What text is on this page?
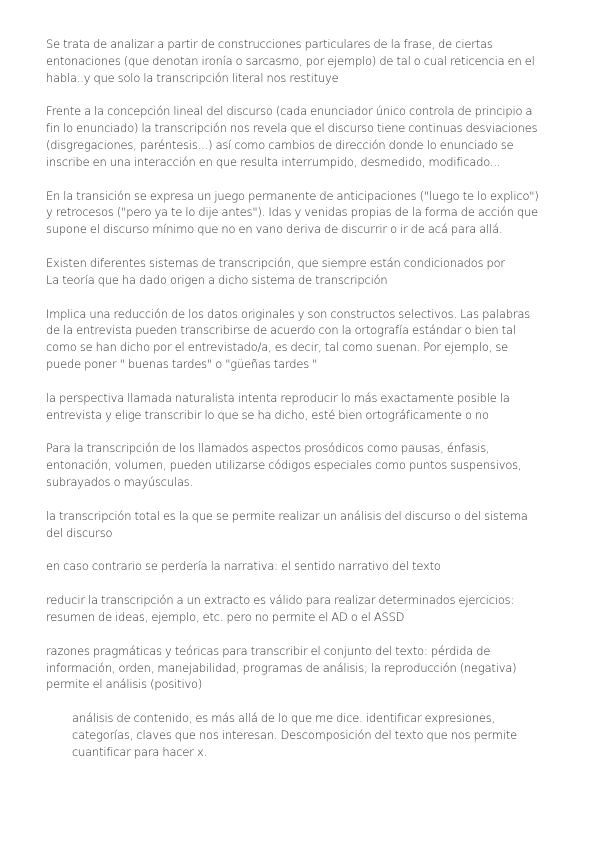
Se trata de analizar a partir de construcciones particulares de la frase, de ciertas
entonaciones (que denotan ironía o sarcasmo, por ejemplo) de tal o cual reticencia en el
habla..y que solo la transcripción literal nos restituye

Frente a la concepción lineal del discurso (cada enunciador único controla de principio a
fin lo enunciado) la transcripción nos revela que el discurso tiene continuas desviaciones
(disgregaciones, paréntesis...) así como cambios de dirección donde lo enunciado se
inscribe en una interacción en que resulta interrumpido, desmedido, modificado...

En la transición se expresa un juego permanente de anticipaciones ("luego te lo explico")
y retrocesos ("pero ya te lo dije antes"). Idas y venidas propias de la forma de acción que
supone el discurso mínimo que no en vano deriva de discurrir o ir de acá para allá.

Existen diferentes sistemas de transcripción, que siempre están condicionados por
La teoría que ha dado origen a dicho sistema de transcripción

Implica una reducción de los datos originales y son constructos selectivos. Las palabras
de la entrevista pueden transcribirse de acuerdo con la ortografía estándar o bien tal
como se han dicho por el entrevistado/a, es decir, tal como suenan. Por ejemplo, se
puede poner " buenas tardes" o "güeñas tardes "

la perspectiva llamada naturalista intenta reproducir lo más exactamente posible la
entrevista y elige transcribir lo que se ha dicho, esté bien ortográficamente o no

Para la transcripción de los llamados aspectos prosódicos como pausas, énfasis,
entonación, volumen, pueden utilizarse códigos especiales como puntos suspensivos,
subrayados o mayúsculas.

la transcripción total es la que se permite realizar un análisis del discurso o del sistema
del discurso

en caso contrario se perdería la narrativa: el sentido narrativo del texto

reducir la transcripción a un extracto es válido para realizar determinados ejercicios:
resumen de ideas, ejemplo, etc. pero no permite el AD o el ASSD

razones pragmáticas y teóricas para transcribir el conjunto del texto: pérdida de
información, orden, manejabilidad, programas de análisis; la reproducción (negativa)
permite el análisis (positivo)

análisis de contenido, es más allá de lo que me dice. identificar expresiones,
categorías, claves que nos interesan. Descomposición del texto que nos permite
cuantificar para hacer x.
